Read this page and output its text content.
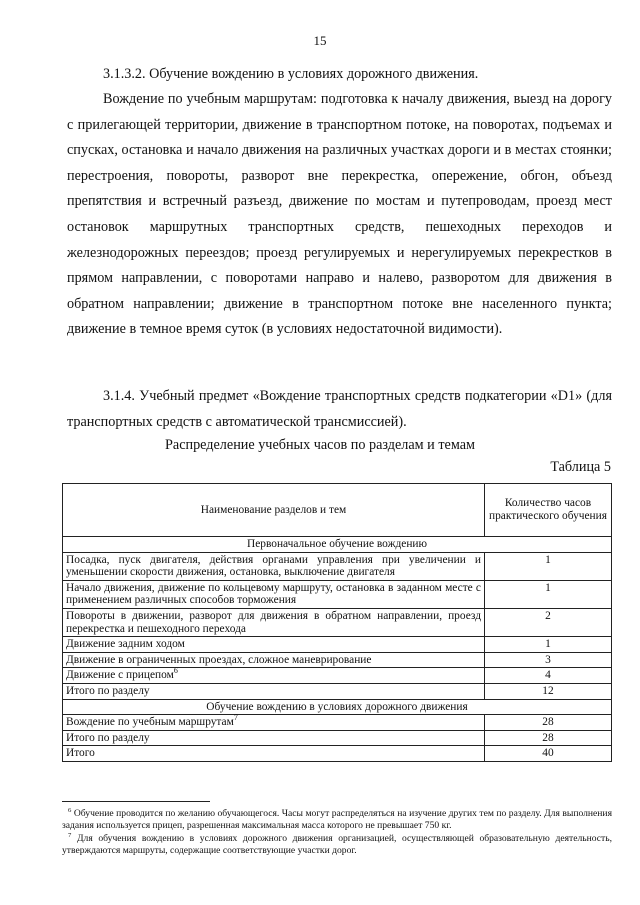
15
3.1.3.2. Обучение вождению в условиях дорожного движения.
Вождение по учебным маршрутам: подготовка к началу движения, выезд на дорогу с прилегающей территории, движение в транспортном потоке, на поворотах, подъемах и спусках, остановка и начало движения на различных участках дороги и в местах стоянки; перестроения, повороты, разворот вне перекрестка, опережение, обгон, объезд препятствия и встречный разъезд, движение по мостам и путепроводам, проезд мест остановок маршрутных транспортных средств, пешеходных переходов и железнодорожных переездов; проезд регулируемых и нерегулируемых перекрестков в прямом направлении, с поворотами направо и налево, разворотом для движения в обратном направлении; движение в транспортном потоке вне населенного пункта; движение в темное время суток (в условиях недостаточной видимости).
3.1.4. Учебный предмет «Вождение транспортных средств подкатегории «D1» (для транспортных средств с автоматической трансмиссией).
Распределение учебных часов по разделам и темам
Таблица 5
Наименование разделов и тем	Количество часов практического обучения
Первоначальное обучение вождению	
Посадка, пуск двигателя, действия органами управления при увеличении и уменьшении скорости движения, остановка, выключение двигателя	1
Начало движения, движение по кольцевому маршруту, остановка в заданном месте с применением различных способов торможения	1
Повороты в движении, разворот для движения в обратном направлении, проезд перекрестка и пешеходного перехода	2
Движение задним ходом	1
Движение в ограниченных проездах, сложное маневрирование	3
Движение с прицепом$^6$	4
Итого по разделу	12
Обучение вождению в условиях дорожного движения	
Вождение по учебным маршрутам$^7$	28
Итого по разделу	28
Итого	40
$^6$ Обучение проводится по желанию обучающегося. Часы могут распределяться на изучение других тем по разделу. Для выполнения задания используется прицеп, разрешенная максимальная масса которого не превышает 750 кг.
$^7$ Для обучения вождению в условиях дорожного движения организацией, осуществляющей образовательную деятельность, утверждаются маршруты, содержащие соответствующие участки дорог.
